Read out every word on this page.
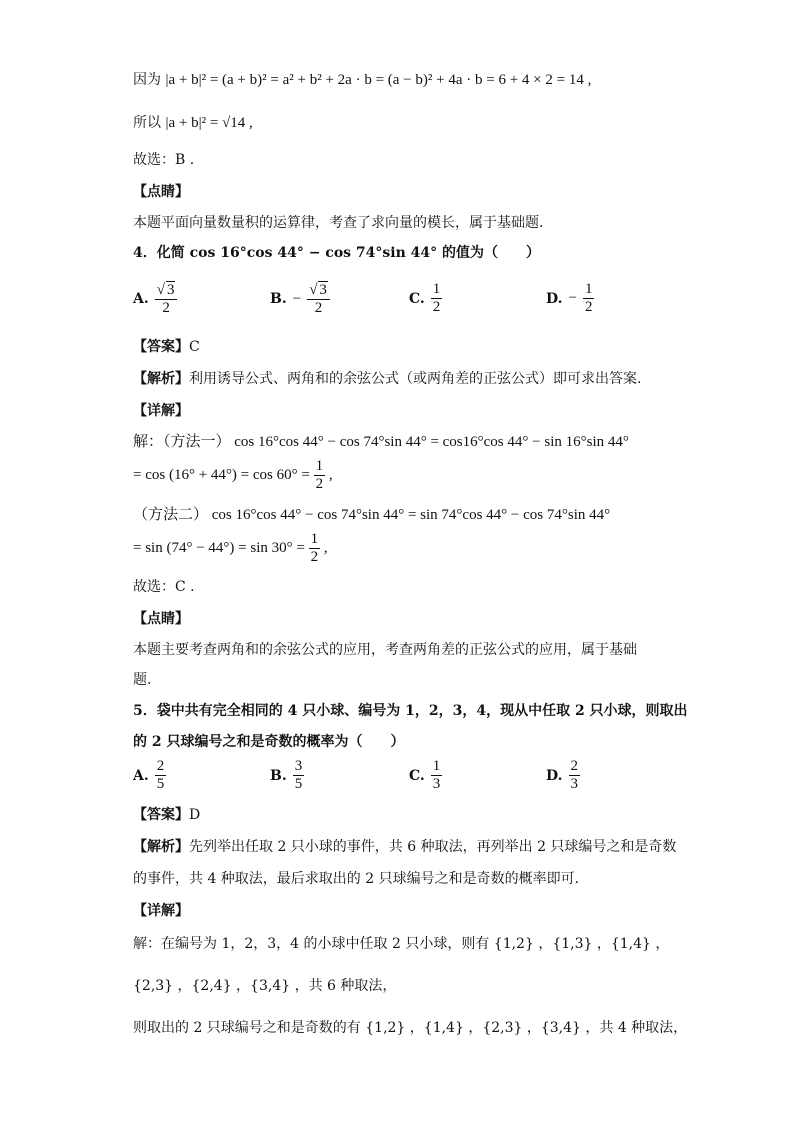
因为 |a + b|² = (a + b)² = a² + b² + 2a · b = (a − b)² + 4a · b = 6 + 4 × 2 = 14 ,
所以 |a + b|² = √14 ,
故选：B .
【点睛】
本题平面向量数量积的运算律，考查了求向量的模长，属于基础题.
4．化简 cos 16°cos 44° − cos 74°sin 44° 的值为（　　）
A. $\frac{√ 3}{2}$	B. − $\frac{√ 3}{2}$	C. $\frac{1}{2}$	D. − $\frac{1}{2}$
【答案】C
【解析】利用诱导公式、两角和的余弦公式（或两角差的正弦公式）即可求出答案.
【详解】
解：（方法一） cos 16°cos 44° − cos 74°sin 44° = cos16°cos 44° − sin 16°sin 44°
= $\cos (16^\circ + 44^\circ) = \cos 60^\circ = \frac{1}{2}$ ,
（方法二） cos 16°cos 44° − cos 74°sin 44° = sin 74°cos 44° − cos 74°sin 44°
= $\sin (74^\circ - 44^\circ) = \sin 30^\circ = \frac{1}{2}$ ,
故选：C .
【点睛】
本题主要考查两角和的余弦公式的应用，考查两角差的正弦公式的应用，属于基础
题.
5．袋中共有完全相同的 4 只小球、编号为 1，2，3，4，现从中任取 2 只小球，则取出
的 2 只球编号之和是奇数的概率为（　　）
A. $\frac{2}{5}$	B. $\frac{3}{5}$	C. $\frac{1}{3}$	D. $\frac{2}{3}$
【答案】D
【解析】先列举出任取 2 只小球的事件，共 6 种取法，再列举出 2 只球编号之和是奇数
的事件，共 4 种取法，最后求取出的 2 只球编号之和是奇数的概率即可.
【详解】
解：在编号为 1，2，3，4 的小球中任取 2 只小球，则有 {1,2} ，{1,3} ，{1,4} ，
{2,3} ，{2,4} ，{3,4} ，共 6 种取法，
则取出的 2 只球编号之和是奇数的有 {1,2} ，{1,4} ，{2,3} ，{3,4} ，共 4 种取法，
